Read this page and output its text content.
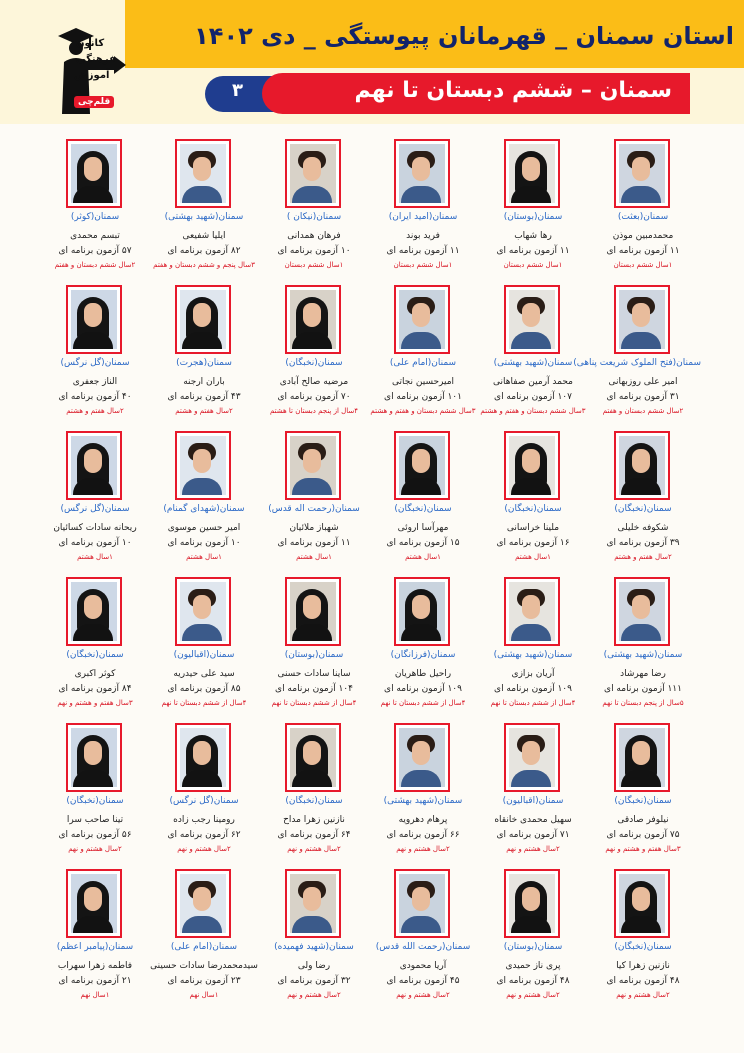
استان سمنان _ قهرمانان پیوستگی _ دی ۱۴۰۲
۳	سمنان – ششم دبستان تا نهم
کانون
فرهنگی
آموزش
قلم‌چی
سمنان(بعثت)
محمدمبین موذن
۱۱ آزمون برنامه ای
۱سال ششم دبستان
سمنان(بوستان)
رها شهاب
۱۱ آزمون برنامه ای
۱سال ششم دبستان
سمنان(امید ایران)
فرید بوند
۱۱ آزمون برنامه ای
۱سال ششم دبستان
سمنان(نیکان )
فرهان همدانی
۱۰ آزمون برنامه ای
۱سال ششم دبستان
سمنان(شهید بهشتی)
ایلیا شفیعی
۸۲ آزمون برنامه ای
۳سال پنجم و ششم دبستان و هفتم
سمنان(کوثر)
تبسم محمدی
۵۷ آزمون برنامه ای
۲سال ششم دبستان و هفتم
سمنان(فتح الملوک شریعت پناهی)
امیر علی روزبهانی
۳۱ آزمون برنامه ای
۲سال ششم دبستان و هفتم
سمنان(شهید بهشتی)
محمد آرمین صفاهانی
۱۰۷ آزمون برنامه ای
۳سال ششم دبستان و هفتم و هشتم
سمنان(امام علی)
امیرحسین نجاتی
۱۰۱ آزمون برنامه ای
۳سال ششم دبستان و هفتم و هشتم
سمنان(نخبگان)
مرضیه صالح آبادی
۷۰ آزمون برنامه ای
۴سال از پنجم دبستان تا هشتم
سمنان(هجرت)
باران ارجنه
۴۳ آزمون برنامه ای
۲سال هفتم و هشتم
سمنان(گل نرگس)
الناز جعفری
۴۰ آزمون برنامه ای
۲سال هفتم و هشتم
سمنان(نخبگان)
شکوفه خلیلی
۳۹ آزمون برنامه ای
۲سال هفتم و هشتم
سمنان(نخبگان)
ملینا خراسانی
۱۶ آزمون برنامه ای
۱سال هشتم
سمنان(نخبگان)
مهرآسا اروئی
۱۵ آزمون برنامه ای
۱سال هشتم
سمنان(رحمت اله قدس)
شهباز ملائیان
۱۱ آزمون برنامه ای
۱سال هشتم
سمنان(شهدای گمنام)
امیر حسین موسوی
۱۰ آزمون برنامه ای
۱سال هشتم
سمنان(گل نرگس)
ریحانه سادات کسائیان
۱۰ آزمون برنامه ای
۱سال هشتم
سمنان(شهید بهشتی)
رضا مهرشاد
۱۱۱ آزمون برنامه ای
۵سال از پنجم دبستان تا نهم
سمنان(شهید بهشتی)
آریان بزازی
۱۰۹ آزمون برنامه ای
۴سال از ششم دبستان تا نهم
سمنان(فرزانگان)
راحیل طاهریان
۱۰۹ آزمون برنامه ای
۴سال از ششم دبستان تا نهم
سمنان(بوستان)
ساینا سادات حسنی
۱۰۴ آزمون برنامه ای
۴سال از ششم دبستان تا نهم
سمنان(اقبالیون)
سید علی حیدریه
۸۵ آزمون برنامه ای
۴سال از ششم دبستان تا نهم
سمنان(نخبگان)
کوثر اکبری
۸۴ آزمون برنامه ای
۳سال هفتم و هشتم و نهم
سمنان(نخبگان)
نیلوفر صادقی
۷۵ آزمون برنامه ای
۳سال هفتم و هشتم و نهم
سمنان(اقبالیون)
سهیل محمدی خانقاه
۷۱ آزمون برنامه ای
۲سال هشتم و نهم
سمنان(شهید بهشتی)
پرهام دهرویه
۶۶ آزمون برنامه ای
۲سال هشتم و نهم
سمنان(نخبگان)
نازنین زهرا مداح
۶۴ آزمون برنامه ای
۲سال هشتم و نهم
سمنان(گل نرگس)
رومینا رجب زاده
۶۲ آزمون برنامه ای
۲سال هشتم و نهم
سمنان(نخبگان)
تینا صاحب سرا
۵۶ آزمون برنامه ای
۲سال هشتم و نهم
سمنان(نخبگان)
نازنین زهرا کیا
۴۸ آزمون برنامه ای
۲سال هشتم و نهم
سمنان(بوستان)
پری ناز حمیدی
۴۸ آزمون برنامه ای
۲سال هشتم و نهم
سمنان(رحمت الله قدس)
آریا محمودی
۴۵ آزمون برنامه ای
۲سال هشتم و نهم
سمنان(شهید فهمیده)
رضا ولی
۳۲ آزمون برنامه ای
۲سال هشتم و نهم
سمنان(امام علی)
سیدمحمدرضا سادات حسینی
۲۳ آزمون برنامه ای
۱سال نهم
سمنان(پیامبر اعظم)
فاطمه زهرا سهراب
۲۱ آزمون برنامه ای
۱سال نهم
